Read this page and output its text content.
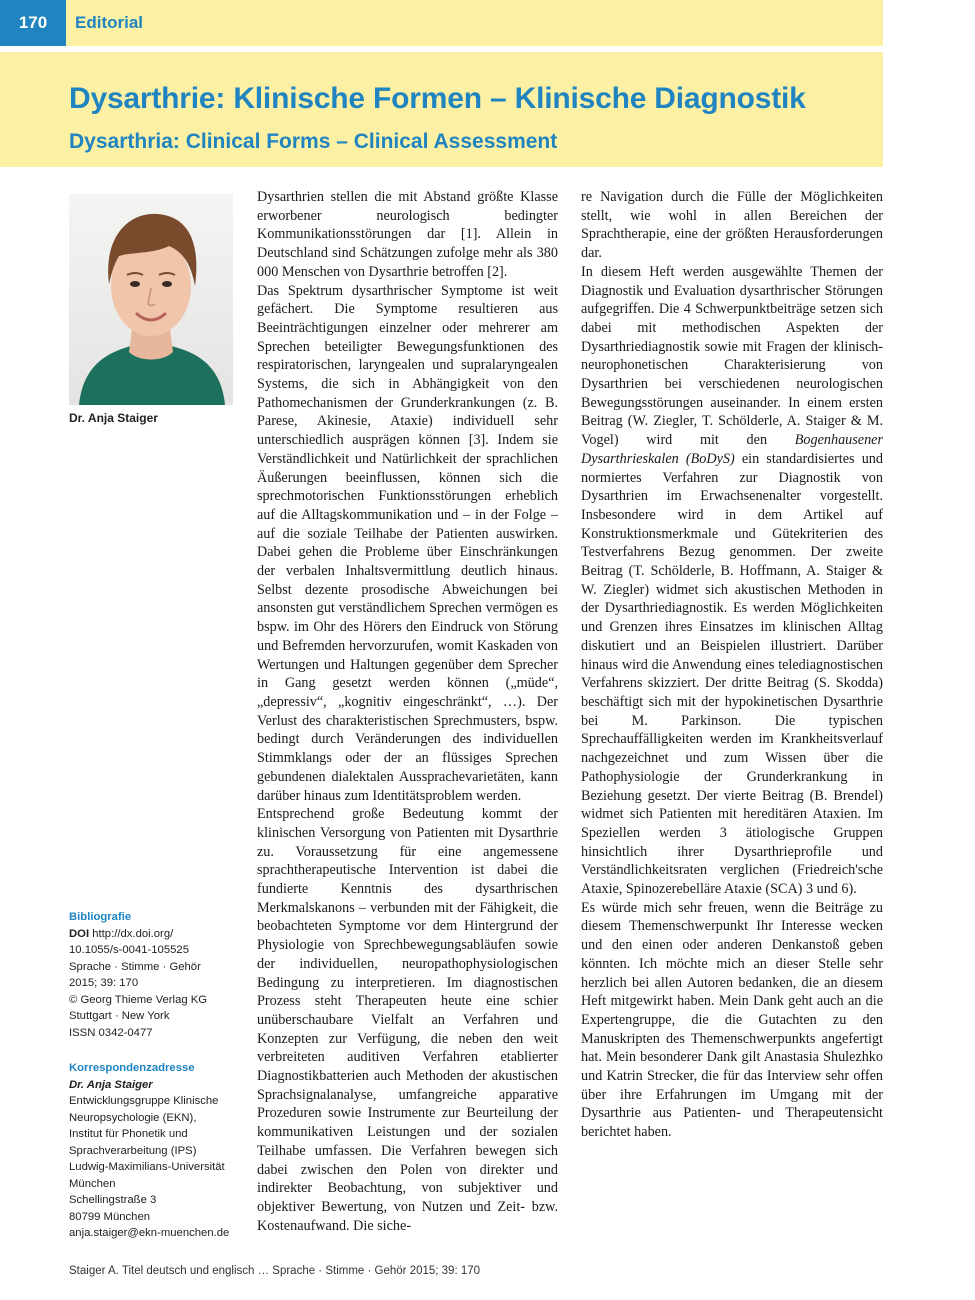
170	Editorial
Dysarthrie: Klinische Formen – Klinische Diagnostik
Dysarthria: Clinical Forms – Clinical Assessment
Dr. Anja Staiger
Bibliografie
DOI http://dx.doi.org/
10.1055/s-0041-105525
Sprache · Stimme · Gehör
2015; 39: 170
© Georg Thieme Verlag KG
Stuttgart · New York
ISSN 0342-0477
Korrespondenzadresse
Dr. Anja Staiger
Entwicklungsgruppe Klinische
Neuropsychologie (EKN),
Institut für Phonetik und
Sprachverarbeitung (IPS)
Ludwig-Maximilians-Universität
München
Schellingstraße 3
80799 München
anja.staiger@ekn-muenchen.de

Dysarthrien stellen die mit Abstand größte Klasse erworbener neurologisch bedingter Kommunikationsstörungen dar [1]. Allein in Deutschland sind Schätzungen zufolge mehr als 380 000 Menschen von Dysarthrie betroffen [2].

Das Spektrum dysarthrischer Symptome ist weit gefächert. Die Symptome resultieren aus Beeinträchtigungen einzelner oder mehrerer am Sprechen beteiligter Bewegungsfunktionen des respiratorischen, laryngealen und supralaryngealen Systems, die sich in Abhängigkeit von den Pathomechanismen der Grunderkrankungen (z. B. Parese, Akinesie, Ataxie) individuell sehr unterschiedlich ausprägen können [3]. Indem sie Verständlichkeit und Natürlichkeit der sprachlichen Äußerungen beeinflussen, können sich die sprechmotorischen Funktionsstörungen erheblich auf die Alltagskommunikation und – in der Folge – auf die soziale Teilhabe der Patienten auswirken. Dabei gehen die Probleme über Einschränkungen der verbalen Inhaltsvermittlung deutlich hinaus. Selbst dezente prosodische Abweichungen bei ansonsten gut verständlichem Sprechen vermögen es bspw. im Ohr des Hörers den Eindruck von Störung und Befremden hervorzurufen, womit Kaskaden von Wertungen und Haltungen gegenüber dem Sprecher in Gang gesetzt werden können („müde“, „depressiv“, „kognitiv eingeschränkt“, …). Der Verlust des charakteristischen Sprechmusters, bspw. bedingt durch Veränderungen des individuellen Stimmklangs oder der an flüssiges Sprechen gebundenen dialektalen Aussprachevarietäten, kann darüber hinaus zum Identitätsproblem werden.

Entsprechend große Bedeutung kommt der klinischen Versorgung von Patienten mit Dysarthrie zu. Voraussetzung für eine angemessene sprachtherapeutische Intervention ist dabei die fundierte Kenntnis des dysarthrischen Merkmalskanons – verbunden mit der Fähigkeit, die beobachteten Symptome vor dem Hintergrund der Physiologie von Sprechbewegungsabläufen sowie der individuellen, neuropathophysiologischen Bedingung zu interpretieren. Im diagnostischen Prozess steht Therapeuten heute eine schier unüberschaubare Vielfalt an Verfahren und Konzepten zur Verfügung, die neben den weit verbreiteten auditiven Verfahren etablierter Diagnostikbatterien auch Methoden der akustischen Sprachsignalanalyse, umfangreiche apparative Prozeduren sowie Instrumente zur Beurteilung der kommunikativen Leistungen und der sozialen Teilhabe umfassen. Die Verfahren bewegen sich dabei zwischen den Polen von direkter und indirekter Beobachtung, von subjektiver und objektiver Bewertung, von Nutzen und Zeit- bzw. Kostenaufwand. Die siche-

re Navigation durch die Fülle der Möglichkeiten stellt, wie wohl in allen Bereichen der Sprachtherapie, eine der größten Herausforderungen dar.

In diesem Heft werden ausgewählte Themen der Diagnostik und Evaluation dysarthrischer Störungen aufgegriffen. Die 4 Schwerpunktbeiträge setzen sich dabei mit methodischen Aspekten der Dysarthriediagnostik sowie mit Fragen der klinisch-neurophonetischen Charakterisierung von Dysarthrien bei verschiedenen neurologischen Bewegungsstörungen auseinander. In einem ersten Beitrag (W. Ziegler, T. Schölderle, A. Staiger & M. Vogel) wird mit den Bogenhausener Dysarthrieskalen (BoDyS) ein standardisiertes und normiertes Verfahren zur Diagnostik von Dysarthrien im Erwachsenenalter vorgestellt. Insbesondere wird in dem Artikel auf Konstruktionsmerkmale und Gütekriterien des Testverfahrens Bezug genommen. Der zweite Beitrag (T. Schölderle, B. Hoffmann, A. Staiger & W. Ziegler) widmet sich akustischen Methoden in der Dysarthriediagnostik. Es werden Möglichkeiten und Grenzen ihres Einsatzes im klinischen Alltag diskutiert und an Beispielen illustriert. Darüber hinaus wird die Anwendung eines telediagnostischen Verfahrens skizziert. Der dritte Beitrag (S. Skodda) beschäftigt sich mit der hypokinetischen Dysarthrie bei M. Parkinson. Die typischen Sprechauffälligkeiten werden im Krankheitsverlauf nachgezeichnet und zum Wissen über die Pathophysiologie der Grunderkrankung in Beziehung gesetzt. Der vierte Beitrag (B. Brendel) widmet sich Patienten mit hereditären Ataxien. Im Speziellen werden 3 ätiologische Gruppen hinsichtlich ihrer Dysarthrieprofile und Verständlichkeitsraten verglichen (Friedreich'sche Ataxie, Spinozerebelläre Ataxie (SCA) 3 und 6).

Es würde mich sehr freuen, wenn die Beiträge zu diesem Themenschwerpunkt Ihr Interesse wecken und den einen oder anderen Denkanstoß geben könnten. Ich möchte mich an dieser Stelle sehr herzlich bei allen Autoren bedanken, die an diesem Heft mitgewirkt haben. Mein Dank geht auch an die Expertengruppe, die die Gutachten zu den Manuskripten des Themenschwerpunkts angefertigt hat. Mein besonderer Dank gilt Anastasia Shulezhko und Katrin Strecker, die für das Interview sehr offen über ihre Erfahrungen im Umgang mit der Dysarthrie aus Patienten- und Therapeutensicht berichtet haben.

Staiger A. Titel deutsch und englisch … Sprache · Stimme · Gehör 2015; 39: 170
